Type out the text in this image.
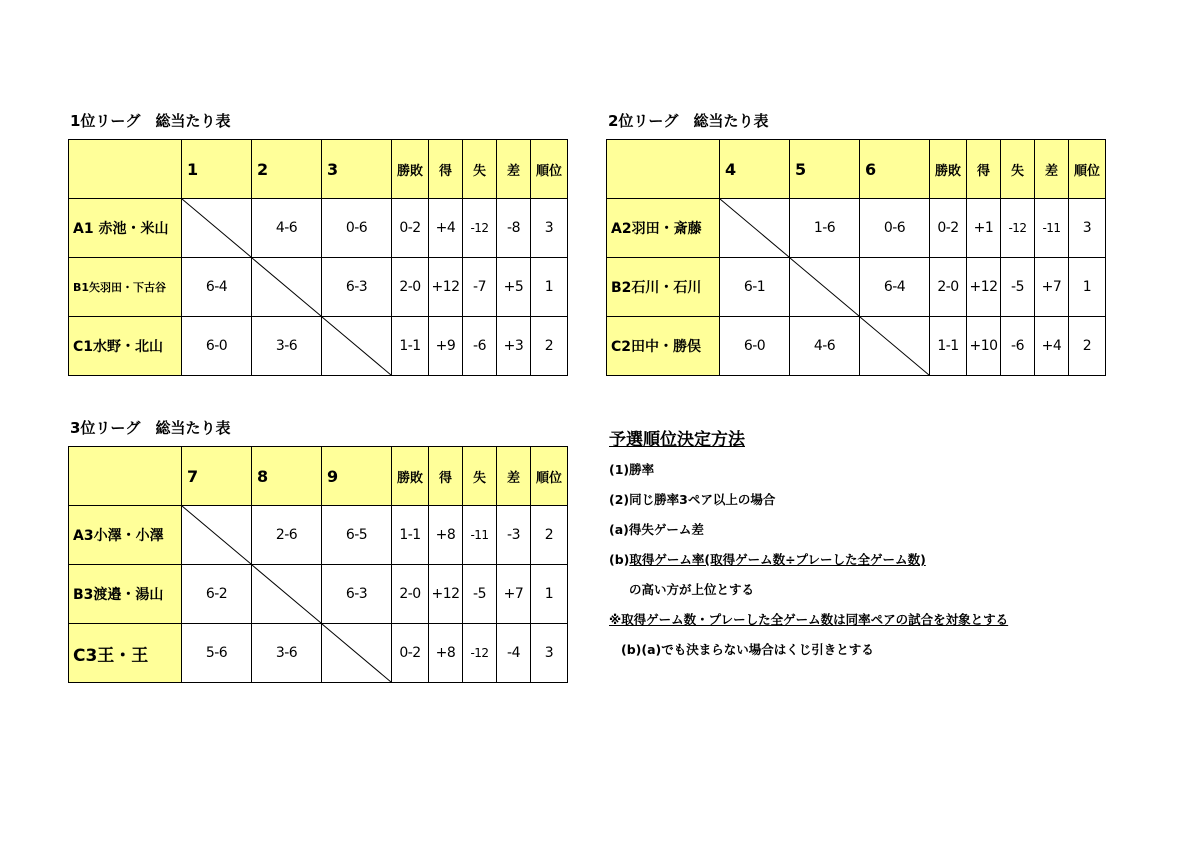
1位リーグ　総当たり表
	1	2	3	勝敗	得	失	差	順位
A1 赤池・米山		4-6	0-6	0-2	+4	-12	-8	3
B1矢羽田・下古谷	6-4		6-3	2-0	+12	-7	+5	1
C1水野・北山	6-0	3-6		1-1	+9	-6	+3	2
2位リーグ　総当たり表
	4	5	6	勝敗	得	失	差	順位
A2羽田・斎藤		1-6	0-6	0-2	+1	-12	-11	3
B2石川・石川	6-1		6-4	2-0	+12	-5	+7	1
C2田中・勝俣	6-0	4-6		1-1	+10	-6	+4	2
3位リーグ　総当たり表
	7	8	9	勝敗	得	失	差	順位
A3小澤・小澤		2-6	6-5	1-1	+8	-11	-3	2
B3渡邉・湯山	6-2		6-3	2-0	+12	-5	+7	1
C3王・王	5-6	3-6		0-2	+8	-12	-4	3
予選順位決定方法
(1)勝率
(2)同じ勝率3ペア以上の場合
(a)得失ゲーム差
(b)取得ゲーム率(取得ゲーム数÷プレーした全ゲーム数)
の高い方が上位とする
※取得ゲーム数・プレーした全ゲーム数は同率ペアの試合を対象とする
(b)(a)でも決まらない場合はくじ引きとする
